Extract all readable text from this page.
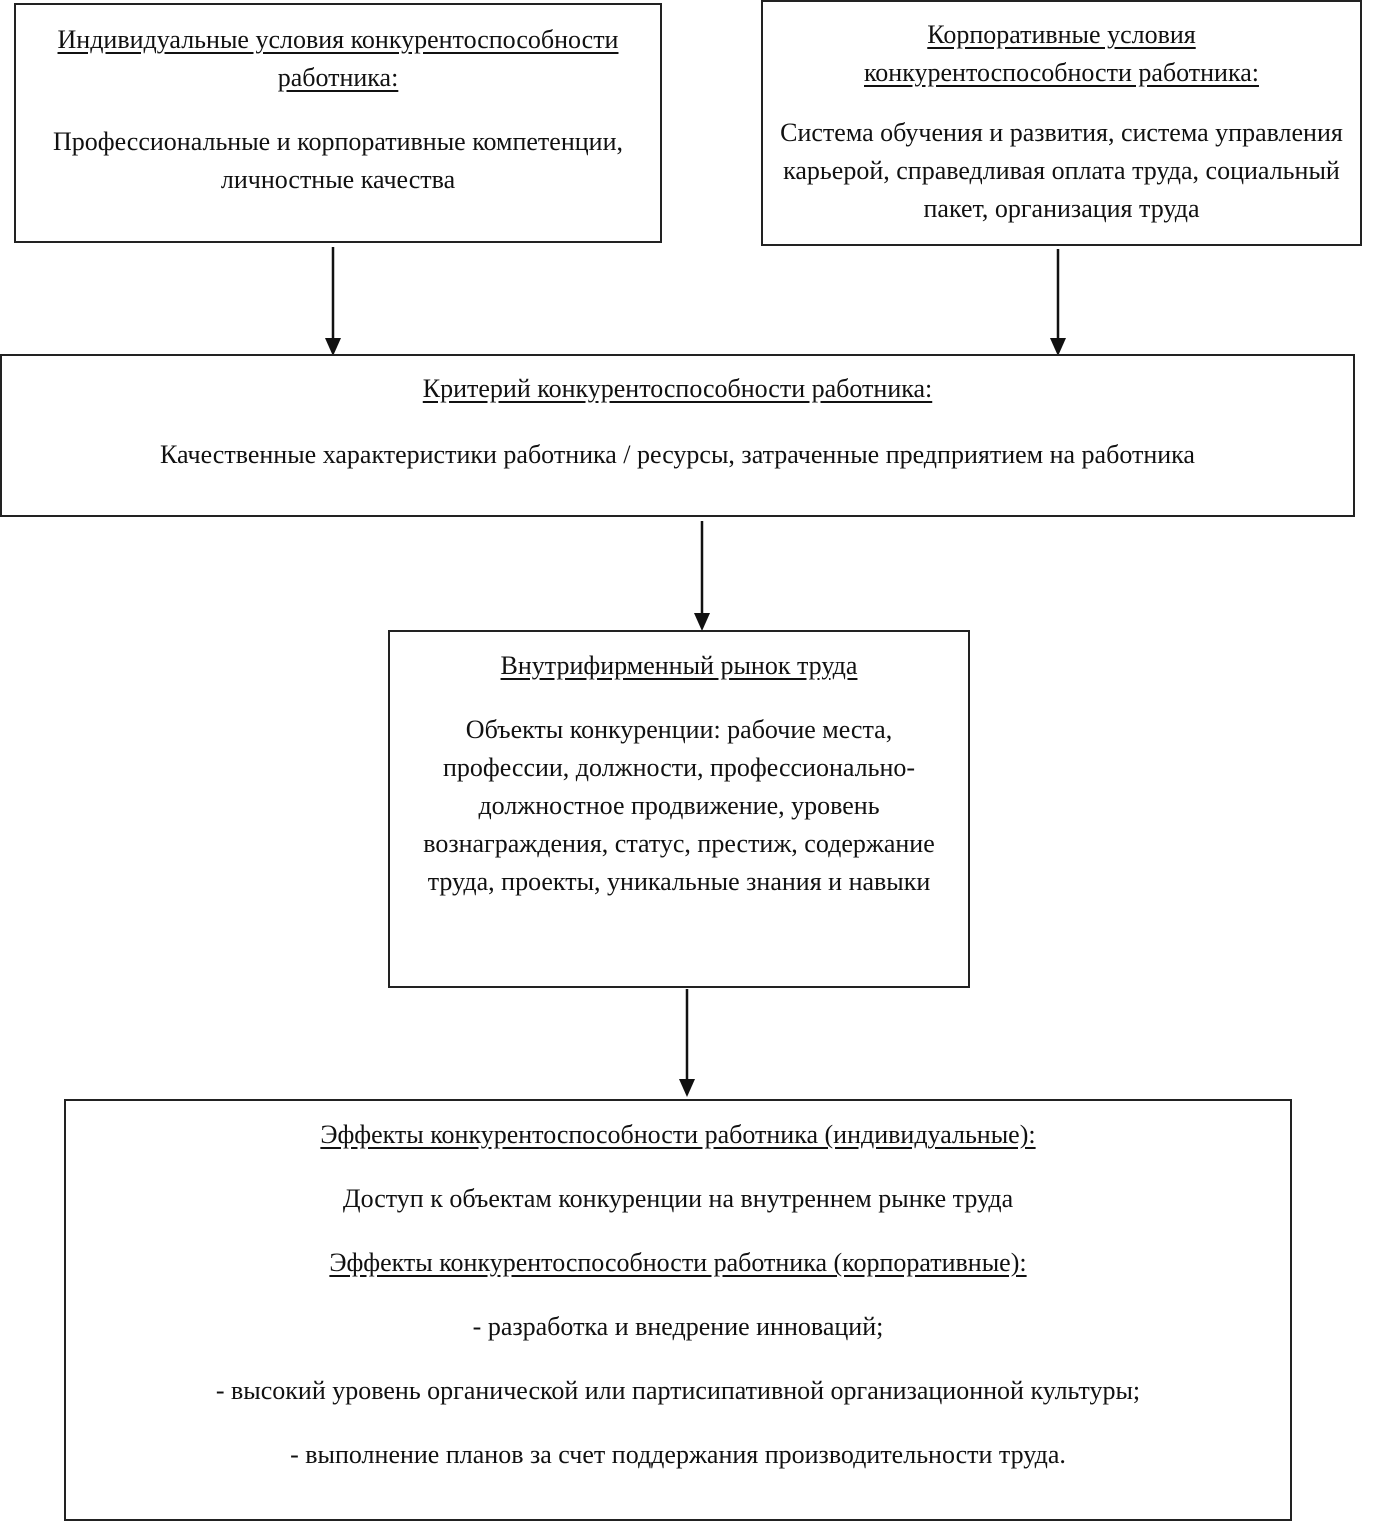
Индивидуальные условия конкурентоспособности работника:

Профессиональные и корпоративные компетенции, личностные качества

Корпоративные условия

конкурентоспособности работника:

Система обучения и развития, система управления карьерой, справедливая оплата труда, социальный пакет, организация труда

Критерий конкурентоспособности работника:

Качественные характеристики работника / ресурсы, затраченные предприятием на работника

Внутрифирменный рынок труда

Объекты конкуренции: рабочие места, профессии, должности, профессионально-должностное продвижение, уровень вознаграждения, статус, престиж, содержание труда, проекты, уникальные знания и навыки

Эффекты конкурентоспособности работника (индивидуальные):

Доступ к объектам конкуренции на внутреннем рынке труда

Эффекты конкурентоспособности работника (корпоративные):

- разработка и внедрение инноваций;

- высокий уровень органической или партисипативной организационной культуры;

- выполнение планов за счет поддержания производительности труда.
